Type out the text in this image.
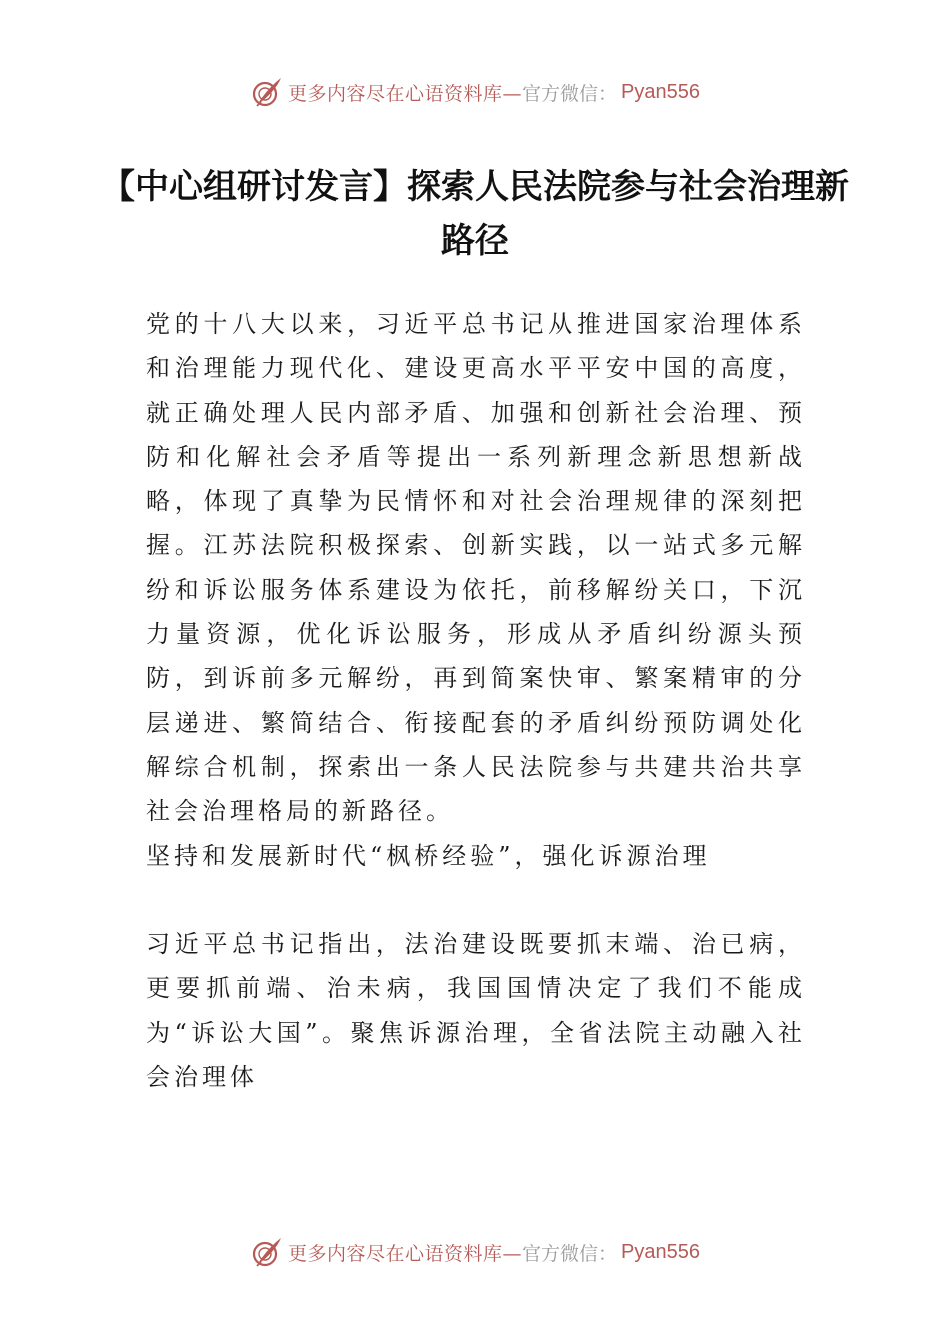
更多内容尽在心语资料库— 官方微信： Pyan556
【中心组研讨发言】探索人民法院参与社会治理新路径

党的十八大以来，习近平总书记从推进国家治理体系和治理能力现代化、建设更高水平平安中国的高度，就正确处理人民内部矛盾、加强和创新社会治理、预防和化解社会矛盾等提出一系列新理念新思想新战略，体现了真挚为民情怀和对社会治理规律的深刻把握。江苏法院积极探索、创新实践，以一站式多元解纷和诉讼服务体系建设为依托，前移解纷关口，下沉力量资源，优化诉讼服务，形成从矛盾纠纷源头预防，到诉前多元解纷，再到简案快审、繁案精审的分层递进、繁简结合、衔接配套的矛盾纠纷预防调处化解综合机制，探索出一条人民法院参与共建共治共享社会治理格局的新路径。

坚持和发展新时代“枫桥经验”，强化诉源治理

习近平总书记指出，法治建设既要抓末端、治已病，更要抓前端、治未病，我国国情决定了我们不能成为“诉讼大国”。聚焦诉源治理，全省法院主动融入社会治理体

更多内容尽在心语资料库— 官方微信： Pyan556
